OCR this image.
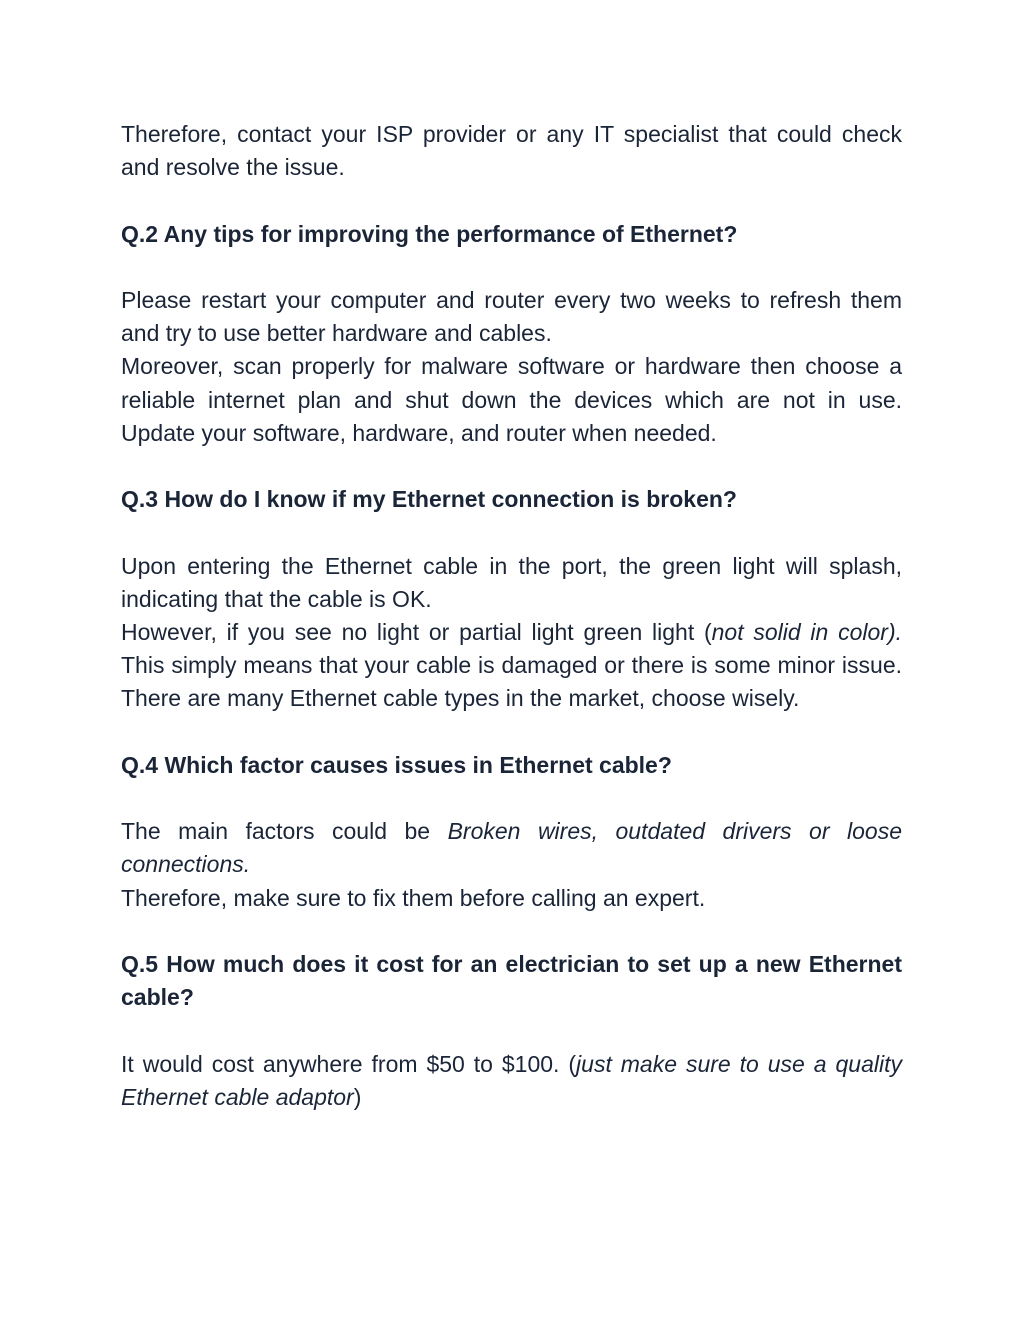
Therefore, contact your ISP provider or any IT specialist that could check and resolve the issue.

Q.2 Any tips for improving the performance of Ethernet?

Please restart your computer and router every two weeks to refresh them and try to use better hardware and cables.

Moreover, scan properly for malware software or hardware then choose a reliable internet plan and shut down the devices which are not in use. Update your software, hardware, and router when needed.

Q.3 How do I know if my Ethernet connection is broken?

Upon entering the Ethernet cable in the port, the green light will splash, indicating that the cable is OK.

However, if you see no light or partial light green light (not solid in color). This simply means that your cable is damaged or there is some minor issue. There are many Ethernet cable types in the market, choose wisely.

Q.4 Which factor causes issues in Ethernet cable?

The main factors could be Broken wires, outdated drivers or loose connections.

Therefore, make sure to fix them before calling an expert.

Q.5 How much does it cost for an electrician to set up a new Ethernet cable?

It would cost anywhere from $50 to $100. (just make sure to use a quality Ethernet cable adaptor)
